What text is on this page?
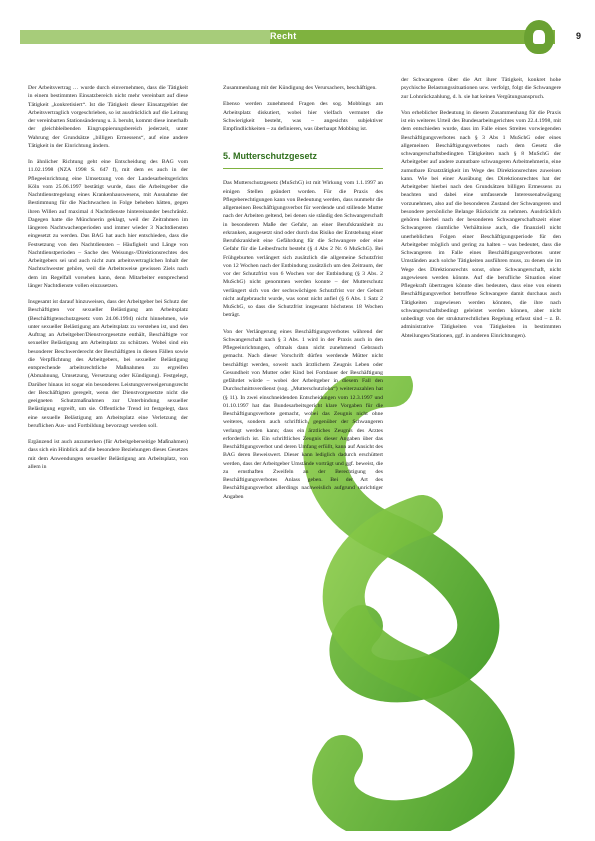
Recht	9

Der Arbeitsvertrag … wurde durch einvernehmen, dass die Tätigkeit in einem bestimmten Einsatzbereich nicht mehr vereinbart auf diese Tätigkeit „konkretisiert“. Ist die Tätigkeit dieser Einsatzgebiet der Arbeitsvertraglich vorgeschrieben, so ist ausdrücklich auf die Leitung der vereinbarten Stationsänderung u. ä. beruht, kommt diese innerhalb der gleichbleibenden Eingruppierungsbereich jederzeit, unter Wahrung der Grundsätze „billigen Ermessens“, auf eine andere Tätigkeit in der Einrichtung ändern.

In ähnlicher Richtung geht eine Entscheidung des BAG vom 11.02.1998 (NZA 1998 S. 647 f), mit dem es auch in der Pflegeeinrichtung eine Umsetzung von der Landesarbeitsgerichts Köln vom 25.06.1997 bestätigt wurde, dass die Arbeitsgeber die Nachtdienstregelung eines Krankenhauswesens, mit Ausnahme der Bestimmung für die Nachtwachen in Folge beheben hätten, gegen ihren Willen auf maximal 4 Nachtdienste hintereinander beschränkt. Dagegen hatte die Münchnerin geklagt, weil der Zeitrahmen im längeren Nachtwachenperioden und immer wieder 3 Nachtdiensten eingesetzt zu werden. Das BAG hat auch hier entschieden, dass die Festsetzung von den Nachtdiensten – Häufigkeit und Länge von Nachtdienstperioden – Sache des Weisungs-/Direktionsrechtes des Arbeitgebers sei und auch nicht zum arbeitsvertraglichen Inhalt der Nachtschwester gehöre, weil die Arbeitsweise gewissen Ziels nach dem im Regelfall vorsehen kann, denn Mitarbeiter entsprechend länger Nachtdienste vollen einzusetzen.

Insgesamt ist darauf hinzuweisen, dass der Arbeitgeber bei Schutz der Beschäftigten vor sexueller Belästigung am Arbeitsplatz (Beschäftigtenschutzgesetz vom 24.06.1994) nicht hinnehmen, wie unter sexueller Belästigung am Arbeitsplatz zu verstehen ist, und den Auftrag an Arbeitgeber/Dienstvorgesetzte enthält, Beschäftigte vor sexueller Belästigung am Arbeitsplatz zu schützen. Wobei sind ein besonderer Beschwerderecht der Beschäftigten in diesen Fällen sowie die Verpflichtung des Arbeitgebers, bei sexueller Belästigung entsprechende arbeitsrechtliche Maßnahmen zu ergreifen (Abmahnung, Umsetzung, Versetzung oder Kündigung). Festgelegt, Darüber hinaus ist sogar ein besonderes Leistungsverweigerungsrecht der Beschäftigten geregelt, wenn der Dienstvorgesetzte nicht die geeigneten Schutzmaßnahmen zur Unterbindung sexueller Belästigung ergreift, um sie. Offentliche Trend ist festgelegt, dass eine sexuelle Belästigung am Arbeitsplatz eine Verletzung der beruflichen Aus- und Fortbildung bevorzugt werden soll.

Ergänzend ist auch anzumerken (für Arbeitgeberseitige Maßnahmen) dass sich ein Hinblick auf die besondere Beziehungen dieses Gesetzes mit dem Anwendungen sexueller Belästigung am Arbeitsplatz, von allem in

Zusammenhang mit der Kündigung des Verursachers, beschäftigen.

Ebenso werden zunehmend Fragen des sog. Mobbings am Arbeitsplatz diskutiert, wobei hier vielfach vermutet die Schwierigkeit besteht, was – angesichts subjektiver Empfindlichkeiten – zu definieren, was überhaupt Mobbing ist.

5. Mutterschutzgesetz

Das Mutterschutzgesetz (MuSchG) ist mit Wirkung vom 1.1.1997 an einigen Stellen geändert worden. Für die Praxis des Pflegeberechtigungen kann von Bedeutung werden, dass nunmehr die allgemeinen Beschäftigungsverbot für werdende und stillende Mutter nach der Arbeiten geltend, bei denen sie ständig den Schwangerschaft in besonderem Maße der Gefahr, an einer Berufskrankheit zu erkranken, ausgesetzt sind oder durch das Risiko der Entstehung einer Berufskrankheit eine Gefährdung für die Schwangere oder eine Gefahr für die Leibesfrucht besteht (§ 4 Abs 2 Nr. 6 MuSchG). Bei Frühgeburten verlängert sich zusätzlich die allgemeine Schutzfrist von 12 Wochen nach der Entbindung zusätzlich um den Zeitraum, der vor der Schutzfrist von 6 Wochen vor der Entbindung (§ 3 Abs. 2 MuSchG) nicht genommen werden konnte – der Mutterschutz verlängert sich von der sechswöchigen Schutzfrist vor der Geburt nicht aufgebraucht wurde, was sonst nicht anfiel (§ 6 Abs. 1 Satz 2 MuSchG, so dass die Schutzfrist insgesamt höchstens 18 Wochen beträgt.

Von der Verlängerung eines Beschäftigungsverbotes während der Schwangerschaft nach § 3 Abs. 1 wird in der Praxis auch in den Pflegeeinrichtungen, oftmals dann nicht zunehmend Gebrauch gemacht. Nach dieser Vorschrift dürfen werdende Mütter nicht beschäftigt werden, soweit nach ärztlichem Zeugnis Leben oder Gesundheit von Mutter oder Kind bei Fortdauer der Beschäftigung gefährdet würde – wobei der Arbeitgeber in diesem Fall den Durchschnittsverdienst (sog. „Mutterschutzlohn“) weiterzuzahlen hat (§ 11). In zwei einschneidenden Entscheidungen vom 12.3.1997 und 01.10.1997 hat das Bundesarbeitsgericht klare Vorgaben für die Beschäftigungsverbote gemacht, wobei das Zeugnis nicht ohne weiteres, sondern auch schriftlich, gegenüber der Schwangeren verlangt werden kann; dass ein ärztliches Zeugnis des Arztes erforderlich ist. Ein schriftliches Zeugnis dieser Angaben über das Beschäftigungsverbot und deren Umfang erfüllt, kann auf Ansicht des BAG deren Beweiswert. Dieser kann lediglich dadurch erschüttert werden, dass der Arbeitgeber Umstände vorträgt und ggf. beweist, die zu ernsthaften Zweifeln an der Berechtigung des Beschäftigungsverbotes Anlass geben. Bei der Art des Beschäftigungsverbot allerdings nachweislich aufgrund unrichtiger Angaben

der Schwangeren über die Art ihrer Tätigkeit, konkret hohe psychische Belastungssituationen usw. verfolgt, folgt die Schwangere zur Lohnrückzahlung, d. h. sie hat keinen Vergütungsanspruch.

Von erheblicher Bedeutung in diesem Zusammenhang für die Praxis ist ein weiteres Urteil des Bundesarbeitsgerichtes vom 22.4.1998, mit dem entschieden wurde, dass im Falle eines Streites vorwiegenden Beschäftigungsverbotes nach § 3 Abs 1 MuSchG oder eines allgemeinen Beschäftigungsverbotes nach dem Gesetz die schwangerschaftsbedingten Tätigkeiten nach § 8 MuSchG der Arbeitgeber auf andere zumutbare schwangeren Arbeitnehmerin, eine zumutbare Ersatztätigkeit im Wege des Direktionsrechtes zuweisen kann. Wie bei einer Ausübung des Direktionsrechtes hat der Arbeitgeber hierbei nach den Grundsätzen billigen Ermessens zu beachten und dabei eine umfassende Interessenabwägung vorzunehmen, also auf die besonderen Zustand der Schwangeren und besondere persönliche Belange Rücksicht zu nehmen. Ausdrücklich gehören hierbei nach der besonderen Schwangerschaftszeit einer Schwangeren räumliche Verhältnisse auch, die finanziell nicht unerheblichen Folgen einer Beschäftigungsperiode für den Arbeitgeber möglich und gering zu halten – was bedeutet, dass die Schwangeren im Falle eines Beschäftigungsverbotes unter Umständen auch solche Tätigkeiten ausführen muss, zu denen sie im Wege des Direktionsrechts sonst, ohne Schwangerschaft, nicht angewiesen werden könnte. Auf die berufliche Situation einer Pflegekraft übertragen könnte dies bedeuten, dass eine von einem Beschäftigungsverbot betroffene Schwangere damit durchaus auch Tätigkeiten zugewiesen werden könnten, die ihre nach schwangerschaftsbedingt geleistet werden können, aber nicht unbedingt von der strukturrechtlichen Regelung erfasst sind – z. B. administrative Tätigkeiten von Tätigkeiten in bestimmten Abteilungen/Stationen, ggf. in anderen Einrichtungen).
